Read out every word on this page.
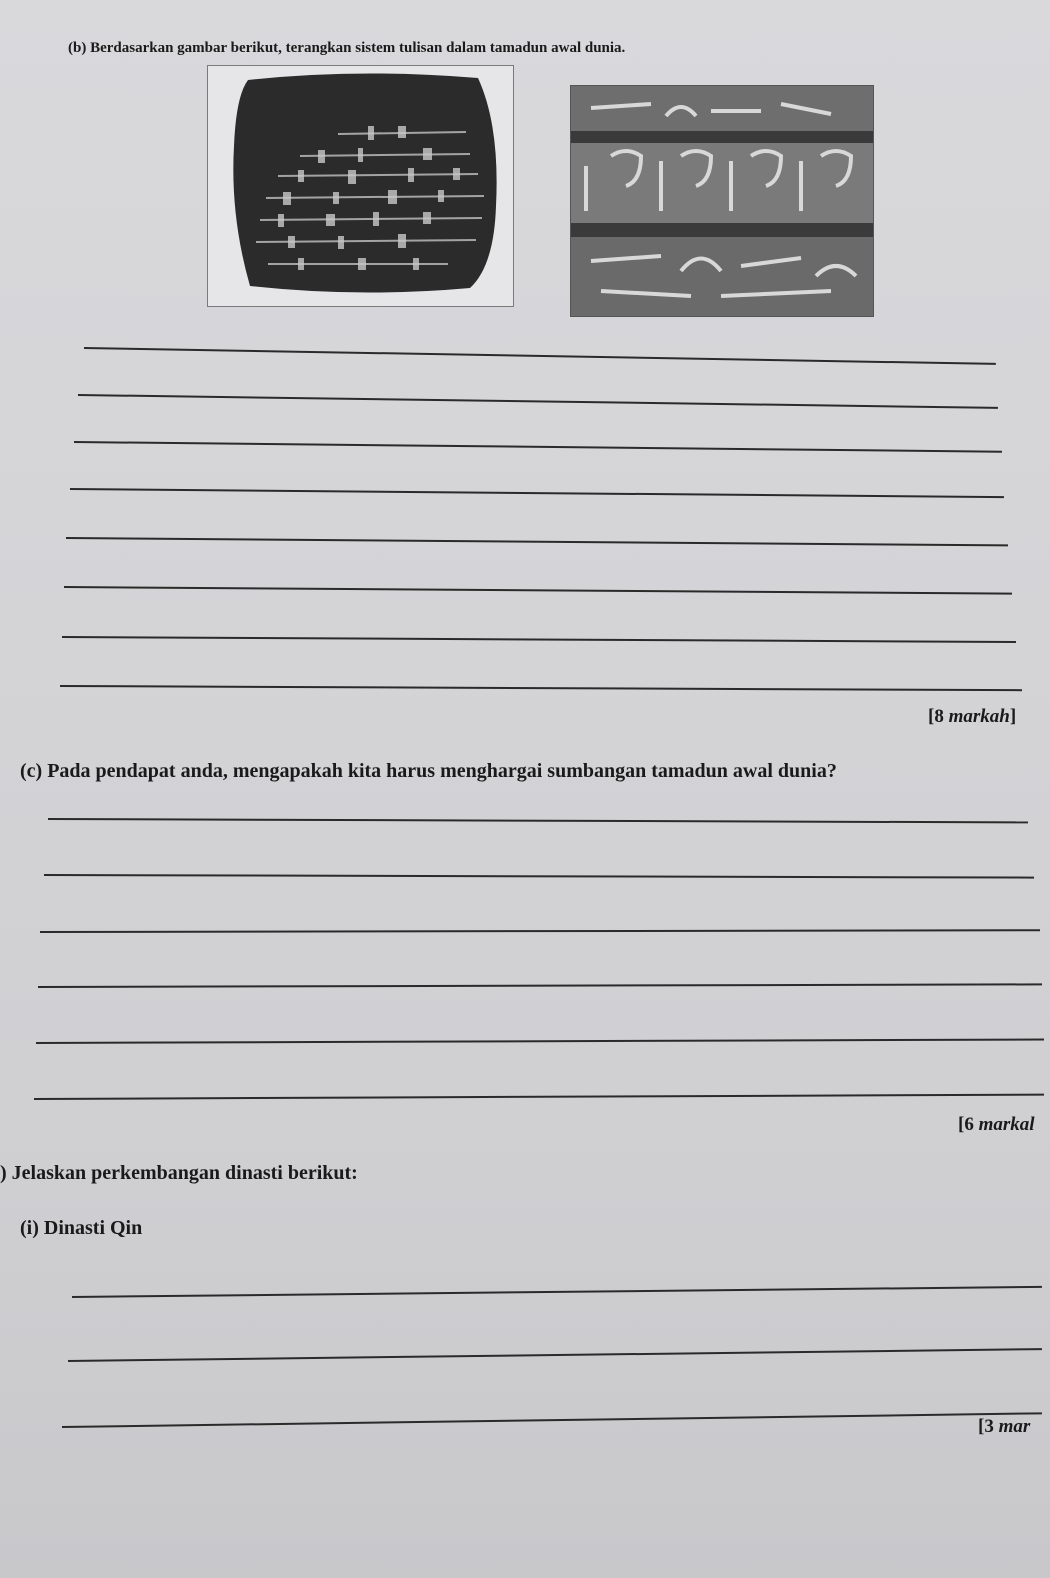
(b) Berdasarkan gambar berikut, terangkan sistem tulisan dalam tamadun awal dunia.
[8 markah]
(c) Pada pendapat anda, mengapakah kita harus menghargai sumbangan tamadun awal dunia?
[6 markal
) Jelaskan perkembangan dinasti berikut:
(i) Dinasti Qin
[3 mar
